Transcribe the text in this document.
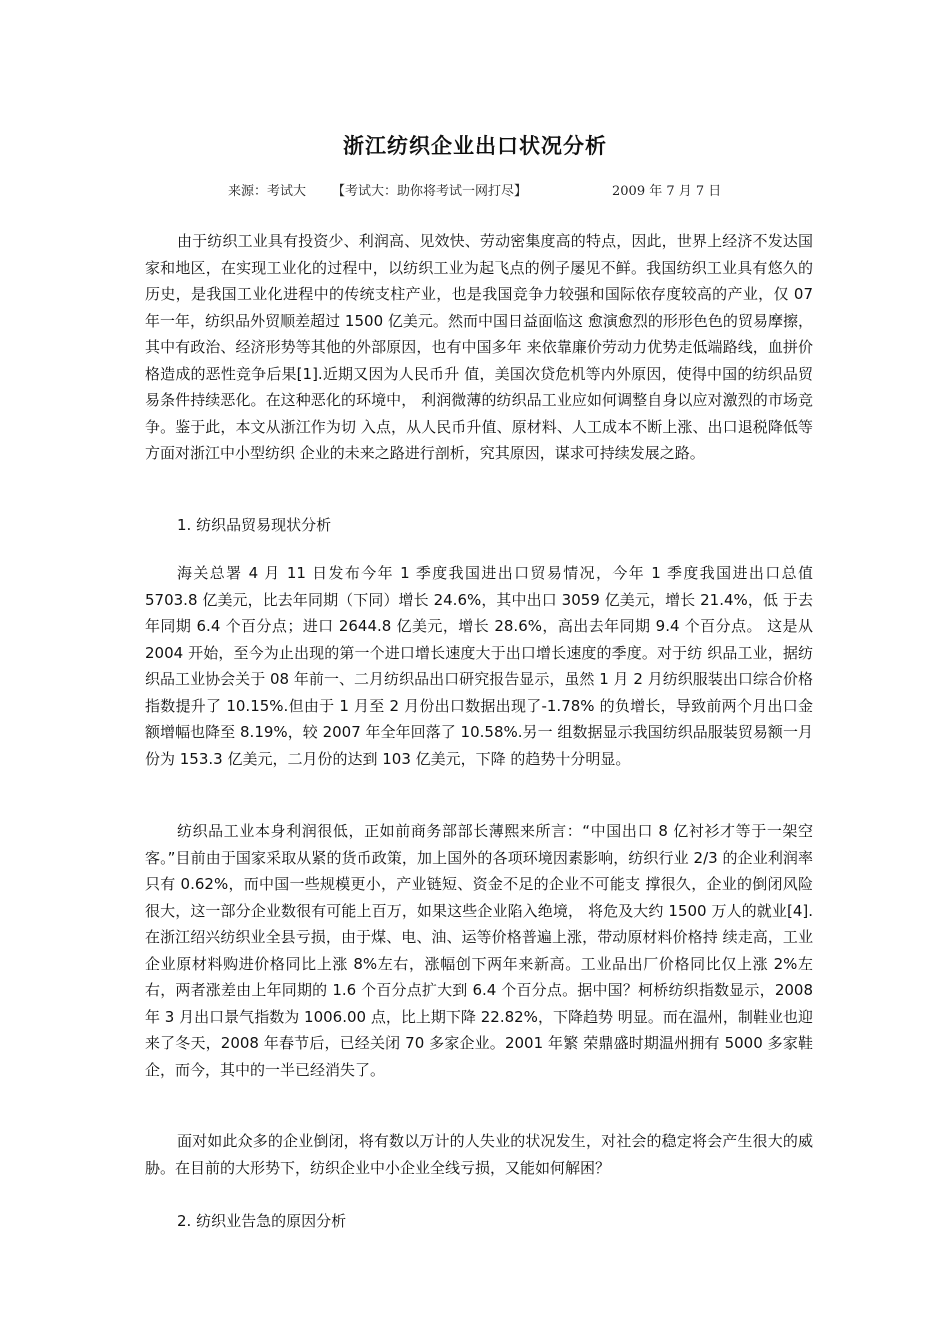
浙江纺织企业出口状况分析
来源：考试大 【考试大：助你将考试一网打尽】	2009 年 7 月 7 日

由于纺织工业具有投资少、利润高、见效快、劳动密集度高的特点，因此，世界上经济不发达国家和地区，在实现工业化的过程中，以纺织工业为起飞点的例子屡见不鲜。我国纺织工业具有悠久的历史，是我国工业化进程中的传统支柱产业，也是我国竞争力较强和国际依存度较高的产业，仅 07 年一年，纺织品外贸顺差超过 1500 亿美元。然而中国日益面临这 愈演愈烈的形形色色的贸易摩擦，其中有政治、经济形势等其他的外部原因，也有中国多年 来依靠廉价劳动力优势走低端路线，血拼价格造成的恶性竞争后果[1].近期又因为人民币升 值，美国次贷危机等内外原因，使得中国的纺织品贸易条件持续恶化。在这种恶化的环境中， 利润微薄的纺织品工业应如何调整自身以应对激烈的市场竞争。鉴于此，本文从浙江作为切 入点，从人民币升值、原材料、人工成本不断上涨、出口退税降低等方面对浙江中小型纺织 企业的未来之路进行剖析，究其原因，谋求可持续发展之路。

1. 纺织品贸易现状分析

海关总署 4 月 11 日发布今年 1 季度我国进出口贸易情况，今年 1 季度我国进出口总值 5703.8 亿美元，比去年同期（下同）增长 24.6%，其中出口 3059 亿美元，增长 21.4%，低 于去年同期 6.4 个百分点；进口 2644.8 亿美元，增长 28.6%，高出去年同期 9.4 个百分点。 这是从 2004 开始，至今为止出现的第一个进口增长速度大于出口增长速度的季度。对于纺 织品工业，据纺织品工业协会关于 08 年前一、二月纺织品出口研究报告显示，虽然 1 月 2 月纺织服装出口综合价格指数提升了 10.15%.但由于 1 月至 2 月份出口数据出现了-1.78% 的负增长，导致前两个月出口金额增幅也降至 8.19%，较 2007 年全年回落了 10.58%.另一 组数据显示我国纺织品服装贸易额一月份为 153.3 亿美元，二月份的达到 103 亿美元，下降 的趋势十分明显。

纺织品工业本身利润很低，正如前商务部部长薄熙来所言：“中国出口 8 亿衬衫才等于一架空客。”目前由于国家采取从紧的货币政策，加上国外的各项环境因素影响，纺织行业 2/3 的企业利润率只有 0.62%，而中国一些规模更小，产业链短、资金不足的企业不可能支 撑很久，企业的倒闭风险很大，这一部分企业数很有可能上百万，如果这些企业陷入绝境， 将危及大约 1500 万人的就业[4].在浙江绍兴纺织业全县亏损，由于煤、电、油、运等价格普遍上涨，带动原材料价格持 续走高，工业企业原材料购进价格同比上涨 8%左右，涨幅创下两年来新高。工业品出厂价格同比仅上涨 2%左右，两者涨差由上年同期的 1.6 个百分点扩大到 6.4 个百分点。据中国？柯桥纺织指数显示，2008 年 3 月出口景气指数为 1006.00 点，比上期下降 22.82%，下降趋势 明显。而在温州，制鞋业也迎来了冬天，2008 年春节后，已经关闭 70 多家企业。2001 年繁 荣鼎盛时期温州拥有 5000 多家鞋企，而今，其中的一半已经消失了。

面对如此众多的企业倒闭，将有数以万计的人失业的状况发生，对社会的稳定将会产生很大的威胁。在目前的大形势下，纺织企业中小企业全线亏损，又能如何解困？

2. 纺织业告急的原因分析
